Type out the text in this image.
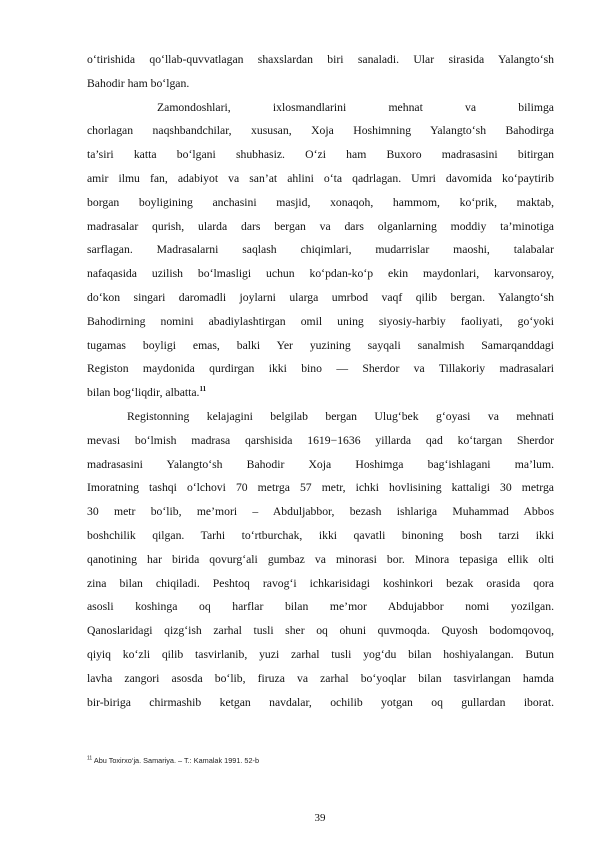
o‘tirishida qo‘llab-quvvatlagan shaxslardan biri sanaladi. Ular sirasida Yalangto‘sh
Bahodir ham bo‘lgan.
Zamondoshlari, ixlosmandlarini mehnat va bilimga
chorlagan naqshbandchilar, xususan, Xoja Hoshimning Yalangto‘sh Bahodirga
ta’siri katta bo‘lgani shubhasiz. O‘zi ham Buxoro madrasasini bitirgan
amir ilmu fan, adabiyot va san’at ahlini o‘ta qadrlagan. Umri davomida ko‘paytirib
borgan boyligining anchasini masjid, xonaqoh, hammom, ko‘prik, maktab,
madrasalar qurish, ularda dars bergan va dars olganlarning moddiy ta’minotiga
sarflagan. Madrasalarni saqlash chiqimlari, mudarrislar maoshi, talabalar
nafaqasida uzilish bo‘lmasligi uchun ko‘pdan-ko‘p ekin maydonlari, karvonsaroy,
do‘kon singari daromadli joylarni ularga umrbod vaqf qilib bergan. Yalangto‘sh
Bahodirning nomini abadiylashtirgan omil uning siyosiy-harbiy faoliyati, go‘yoki
tugamas boyligi emas, balki Yer yuzining sayqali sanalmish Samarqanddagi
Registon maydonida qurdirgan ikki bino — Sherdor va Tillakoriy madrasalari
bilan bog‘liqdir, albatta.$^{11}$
Registonning kelajagini belgilab bergan Ulug‘bek g‘oyasi va mehnati
mevasi bo‘lmish madrasa qarshisida 1619−1636 yillarda qad ko‘targan Sherdor
madrasasini Yalangto‘sh Bahodir Xoja Hoshimga bag‘ishlagani ma’lum.
Imoratning tashqi o‘lchovi 70 metrga 57 metr, ichki hovlisining kattaligi 30 metrga
30 metr bo‘lib, me’mori – Abduljabbor, bezash ishlariga Muhammad Abbos
boshchilik qilgan. Tarhi to‘rtburchak, ikki qavatli binoning bosh tarzi ikki
qanotining har birida qovurg‘ali gumbaz va minorasi bor. Minora tepasiga ellik olti
zina bilan chiqiladi. Peshtoq ravog‘i ichkarisidagi koshinkori bezak orasida qora
asosli koshinga oq harflar bilan me’mor Abdujabbor nomi yozilgan.
Qanoslaridagi qizg‘ish zarhal tusli sher oq ohuni quvmoqda. Quyosh bodomqovoq,
qiyiq ko‘zli qilib tasvirlanib, yuzi zarhal tusli yog‘du bilan hoshiyalangan. Butun
lavha zangori asosda bo‘lib, firuza va zarhal bo‘yoqlar bilan tasvirlangan hamda
bir-biriga chirmashib ketgan navdalar, ochilib yotgan oq gullardan iborat.
$^{11}$ Abu Toxirxo‘ja. Samariya. – T.: Kamalak 1991. 52-b
39
